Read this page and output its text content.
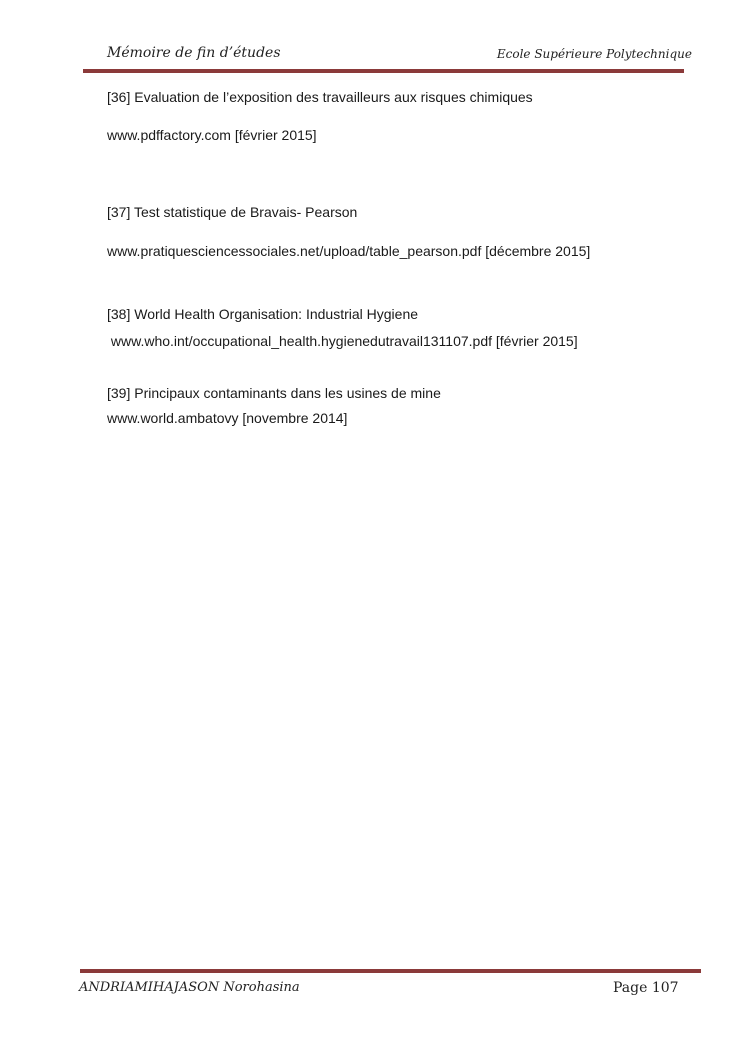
Mémoire de fin d’études	Ecole Supérieure Polytechnique
[36] Evaluation de l’exposition des travailleurs aux risques chimiques
www.pdffactory.com [février 2015]
[37] Test statistique de Bravais- Pearson
www.pratiquesciencessociales.net/upload/table_pearson.pdf [décembre 2015]
[38] World Health Organisation: Industrial Hygiene
www.who.int/occupational_health.hygienedutravail131107.pdf [février 2015]
[39] Principaux contaminants dans les usines de mine
www.world.ambatovy [novembre 2014]
ANDRIAMIHAJASON Norohasina	Page 107
